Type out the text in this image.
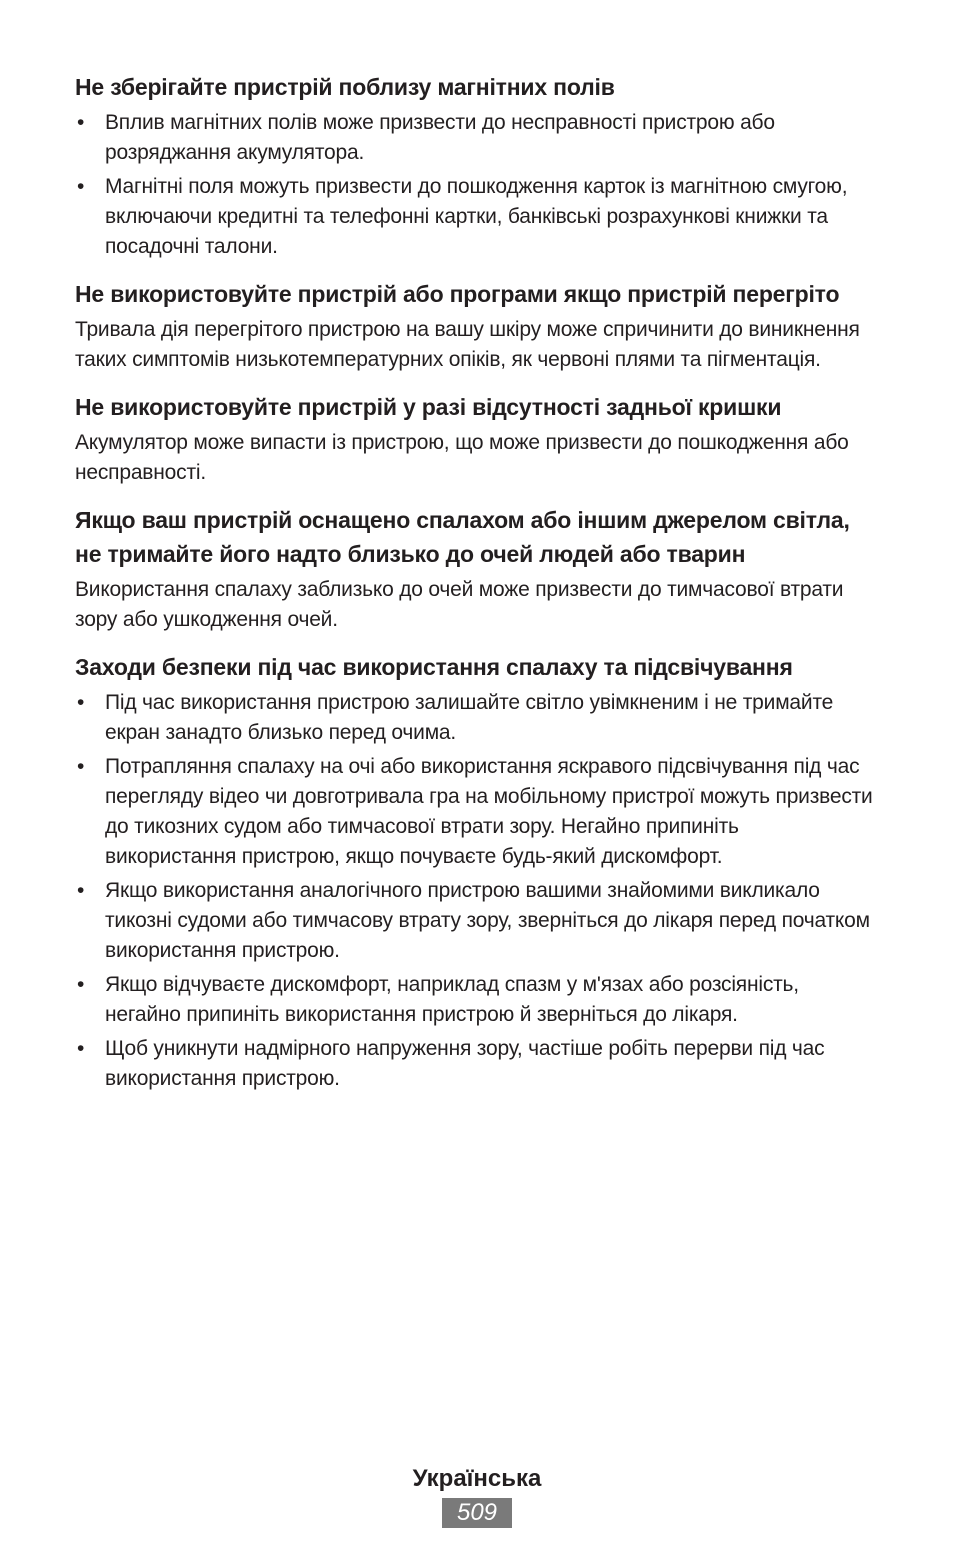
Не зберігайте пристрій поблизу магнітних полів
• Вплив магнітних полів може призвести до несправності пристрою або розряджання акумулятора.
• Магнітні поля можуть призвести до пошкодження карток із магнітною смугою, включаючи кредитні та телефонні картки, банківські розрахункові книжки та посадочні талони.
Не використовуйте пристрій або програми якщо пристрій перегріто

Тривала дія перегрітого пристрою на вашу шкіру може спричинити до виникнення таких симптомів низькотемпературних опіків, як червоні плями та пігментація.

Не використовуйте пристрій у разі відсутності задньої кришки

Акумулятор може випасти із пристрою, що може призвести до пошкодження або несправності.

Якщо ваш пристрій оснащено спалахом або іншим джерелом світла, не тримайте його надто близько до очей людей або тварин

Використання спалаху заблизько до очей може призвести до тимчасової втрати зору або ушкодження очей.

Заходи безпеки під час використання спалаху та підсвічування
• Під час використання пристрою залишайте світло увімкненим і не тримайте екран занадто близько перед очима.
• Потрапляння спалаху на очі або використання яскравого підсвічування під час перегляду відео чи довготривала гра на мобільному пристрої можуть призвести до тикозних судом або тимчасової втрати зору. Негайно припиніть використання пристрою, якщо почуваєте будь-який дискомфорт.
• Якщо використання аналогічного пристрою вашими знайомими викликало тикозні судоми або тимчасову втрату зору, зверніться до лікаря перед початком використання пристрою.
• Якщо відчуваєте дискомфорт, наприклад спазм у м'язах або розсіяність, негайно припиніть використання пристрою й зверніться до лікаря.
• Щоб уникнути надмірного напруження зору, частіше робіть перерви під час використання пристрою.
Українська
509
